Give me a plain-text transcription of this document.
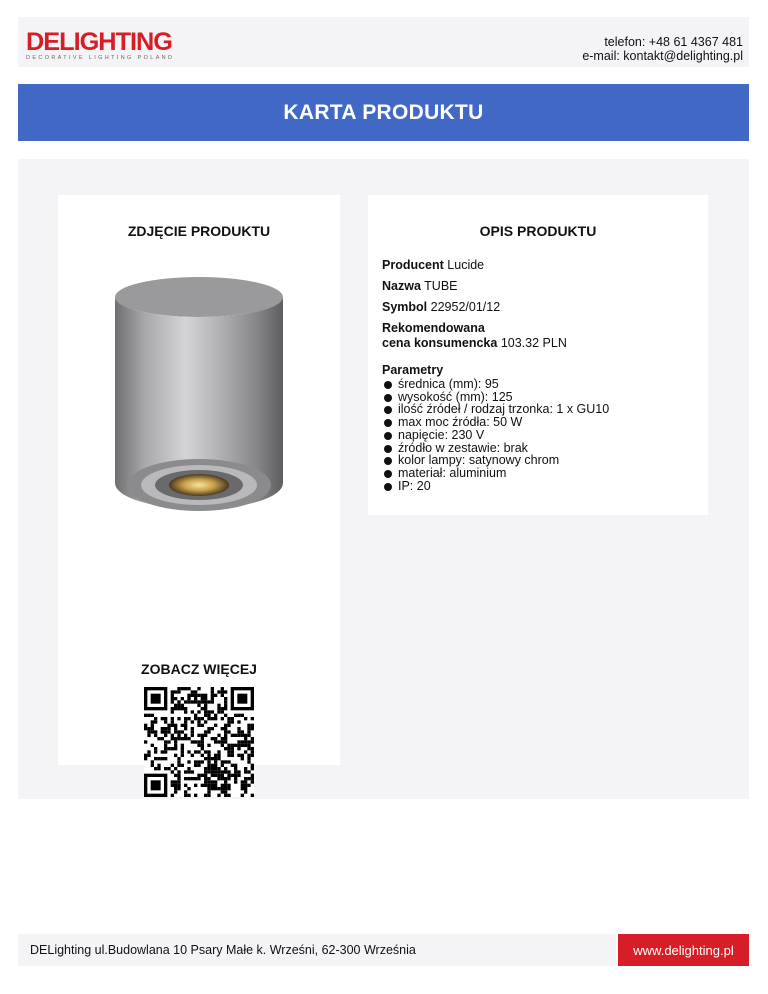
DELIGHTING
DECORATIVE LIGHTING POLAND
telefon: +48 61 4367 481
e-mail: kontakt@delighting.pl
KARTA PRODUKTU
ZDJĘCIE PRODUKTU
ZOBACZ WIĘCEJ
OPIS PRODUKTU

Producent Lucide

Nazwa TUBE

Symbol 22952/01/12

Rekomendowana
cena konsumencka 103.32 PLN

Parametry
średnica (mm): 95
wysokość (mm): 125
ilość źródeł / rodzaj trzonka: 1 x GU10
max moc źródła: 50 W
napięcie: 230 V
źródło w zestawie: brak
kolor lampy: satynowy chrom
materiał: aluminium
IP: 20
DELighting ul.Budowlana 10 Psary Małe k. Wrześni, 62-300 Września	www.delighting.pl
